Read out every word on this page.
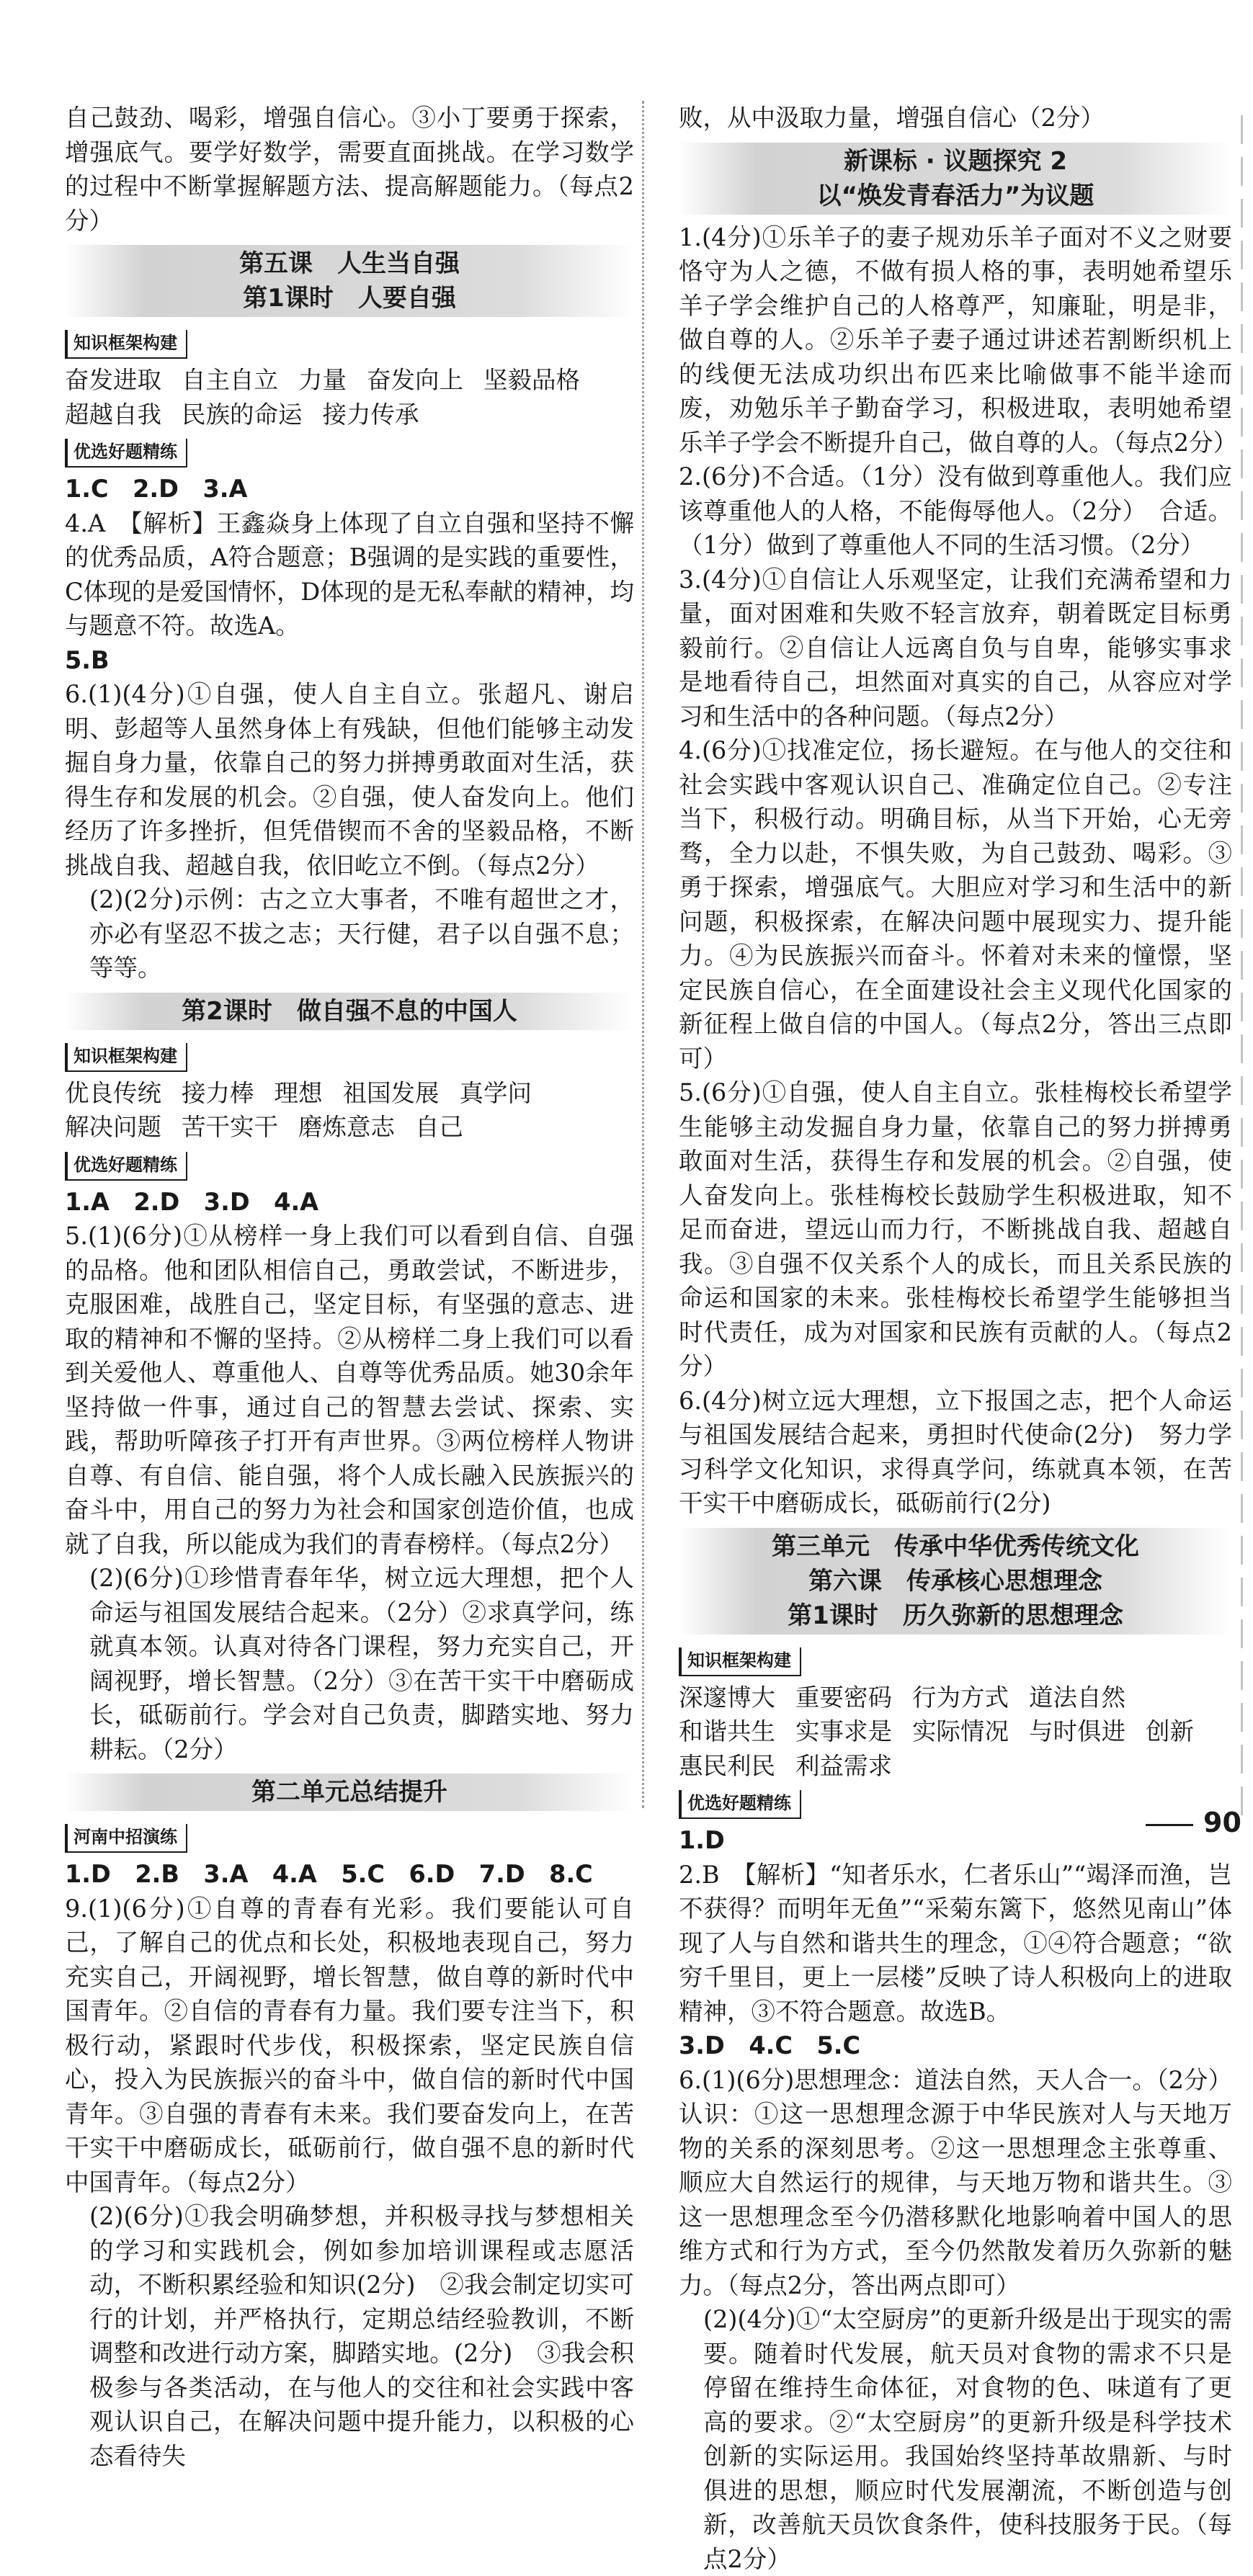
自己鼓劲、喝彩，增强自信心。③小丁要勇于探索，增强底气。要学好数学，需要直面挑战。在学习数学的过程中不断掌握解题方法、提高解题能力。（每点2分）

第五课　人生当自强

第1课时　人要自强

知识框架构建

奋发进取 自主自立 力量 奋发向上 坚毅品格超越自我 民族的命运 接力传承

优选好题精练

1.C　2.D　3.A

4.A　【解析】王鑫焱身上体现了自立自强和坚持不懈的优秀品质，A符合题意；B强调的是实践的重要性，C体现的是爱国情怀，D体现的是无私奉献的精神，均与题意不符。故选A。

5.B

6.(1)(4分)①自强，使人自主自立。张超凡、谢启明、彭超等人虽然身体上有残缺，但他们能够主动发掘自身力量，依靠自己的努力拼搏勇敢面对生活，获得生存和发展的机会。②自强，使人奋发向上。他们经历了许多挫折，但凭借锲而不舍的坚毅品格，不断挑战自我、超越自我，依旧屹立不倒。（每点2分）

(2)(2分)示例：古之立大事者，不唯有超世之才，亦必有坚忍不拔之志；天行健，君子以自强不息；等等。

第2课时　做自强不息的中国人

知识框架构建

优良传统 接力棒 理想 祖国发展 真学问解决问题 苦干实干 磨炼意志 自己

优选好题精练

1.A　2.D　3.D　4.A

5.(1)(6分)①从榜样一身上我们可以看到自信、自强的品格。他和团队相信自己，勇敢尝试，不断进步，克服困难，战胜自己，坚定目标，有坚强的意志、进取的精神和不懈的坚持。②从榜样二身上我们可以看到关爱他人、尊重他人、自尊等优秀品质。她30余年坚持做一件事，通过自己的智慧去尝试、探索、实践，帮助听障孩子打开有声世界。③两位榜样人物讲自尊、有自信、能自强，将个人成长融入民族振兴的奋斗中，用自己的努力为社会和国家创造价值，也成就了自我，所以能成为我们的青春榜样。（每点2分）

(2)(6分)①珍惜青春年华，树立远大理想，把个人命运与祖国发展结合起来。（2分）②求真学问，练就真本领。认真对待各门课程，努力充实自己，开阔视野，增长智慧。（2分）③在苦干实干中磨砺成长，砥砺前行。学会对自己负责，脚踏实地、努力耕耘。（2分）

第二单元总结提升

河南中招演练

1.D　2.B　3.A　4.A　5.C　6.D　7.D　8.C

9.(1)(6分)①自尊的青春有光彩。我们要能认可自己，了解自己的优点和长处，积极地表现自己，努力充实自己，开阔视野，增长智慧，做自尊的新时代中国青年。②自信的青春有力量。我们要专注当下，积极行动，紧跟时代步伐，积极探索，坚定民族自信心，投入为民族振兴的奋斗中，做自信的新时代中国青年。③自强的青春有未来。我们要奋发向上，在苦干实干中磨砺成长，砥砺前行，做自强不息的新时代中国青年。（每点2分）

(2)(6分)①我会明确梦想，并积极寻找与梦想相关的学习和实践机会，例如参加培训课程或志愿活动，不断积累经验和知识(2分)　②我会制定切实可行的计划，并严格执行，定期总结经验教训，不断调整和改进行动方案，脚踏实地。(2分)　③我会积极参与各类活动，在与他人的交往和社会实践中客观认识自己，在解决问题中提升能力，以积极的心态看待失

败，从中汲取力量，增强自信心（2分）

新课标 · 议题探究 2

以“焕发青春活力”为议题

1.(4分)①乐羊子的妻子规劝乐羊子面对不义之财要恪守为人之德，不做有损人格的事，表明她希望乐羊子学会维护自己的人格尊严，知廉耻，明是非，做自尊的人。②乐羊子妻子通过讲述若割断织机上的线便无法成功织出布匹来比喻做事不能半途而废，劝勉乐羊子勤奋学习，积极进取，表明她希望乐羊子学会不断提升自己，做自尊的人。（每点2分）

2.(6分)不合适。（1分）没有做到尊重他人。我们应该尊重他人的人格，不能侮辱他人。（2分）　合适。（1分）做到了尊重他人不同的生活习惯。（2分）

3.(4分)①自信让人乐观坚定，让我们充满希望和力量，面对困难和失败不轻言放弃，朝着既定目标勇毅前行。②自信让人远离自负与自卑，能够实事求是地看待自己，坦然面对真实的自己，从容应对学习和生活中的各种问题。（每点2分）

4.(6分)①找准定位，扬长避短。在与他人的交往和社会实践中客观认识自己、准确定位自己。②专注当下，积极行动。明确目标，从当下开始，心无旁骛，全力以赴，不惧失败，为自己鼓劲、喝彩。③勇于探索，增强底气。大胆应对学习和生活中的新问题，积极探索，在解决问题中展现实力、提升能力。④为民族振兴而奋斗。怀着对未来的憧憬，坚定民族自信心，在全面建设社会主义现代化国家的新征程上做自信的中国人。（每点2分，答出三点即可）

5.(6分)①自强，使人自主自立。张桂梅校长希望学生能够主动发掘自身力量，依靠自己的努力拼搏勇敢面对生活，获得生存和发展的机会。②自强，使人奋发向上。张桂梅校长鼓励学生积极进取，知不足而奋进，望远山而力行，不断挑战自我、超越自我。③自强不仅关系个人的成长，而且关系民族的命运和国家的未来。张桂梅校长希望学生能够担当时代责任，成为对国家和民族有贡献的人。（每点2分）

6.(4分)树立远大理想，立下报国之志，把个人命运与祖国发展结合起来，勇担时代使命(2分)　努力学习科学文化知识，求得真学问，练就真本领，在苦干实干中磨砺成长，砥砺前行(2分)

第三单元　传承中华优秀传统文化

第六课　传承核心思想理念

第1课时　历久弥新的思想理念

知识框架构建

深邃博大 重要密码 行为方式 道法自然和谐共生 实事求是 实际情况 与时俱进 创新惠民利民 利益需求

优选好题精练

1.D

2.B　【解析】“知者乐水，仁者乐山”“竭泽而渔，岂不获得？而明年无鱼”“采菊东篱下，悠然见南山”体现了人与自然和谐共生的理念，①④符合题意；“欲穷千里目，更上一层楼”反映了诗人积极向上的进取精神，③不符合题意。故选B。

3.D　4.C　5.C

6.(1)(6分)思想理念：道法自然，天人合一。（2分）认识：①这一思想理念源于中华民族对人与天地万物的关系的深刻思考。②这一思想理念主张尊重、顺应大自然运行的规律，与天地万物和谐共生。③这一思想理念至今仍潜移默化地影响着中国人的思维方式和行为方式，至今仍然散发着历久弥新的魅力。（每点2分，答出两点即可）

(2)(4分)①“太空厨房”的更新升级是出于现实的需要。随着时代发展，航天员对食物的需求不只是停留在维持生命体征，对食物的色、味道有了更高的要求。②“太空厨房”的更新升级是科学技术创新的实际运用。我国始终坚持革故鼎新、与时俱进的思想，顺应时代发展潮流，不断创造与创新，改善航天员饮食条件，使科技服务于民。（每点2分）

90
